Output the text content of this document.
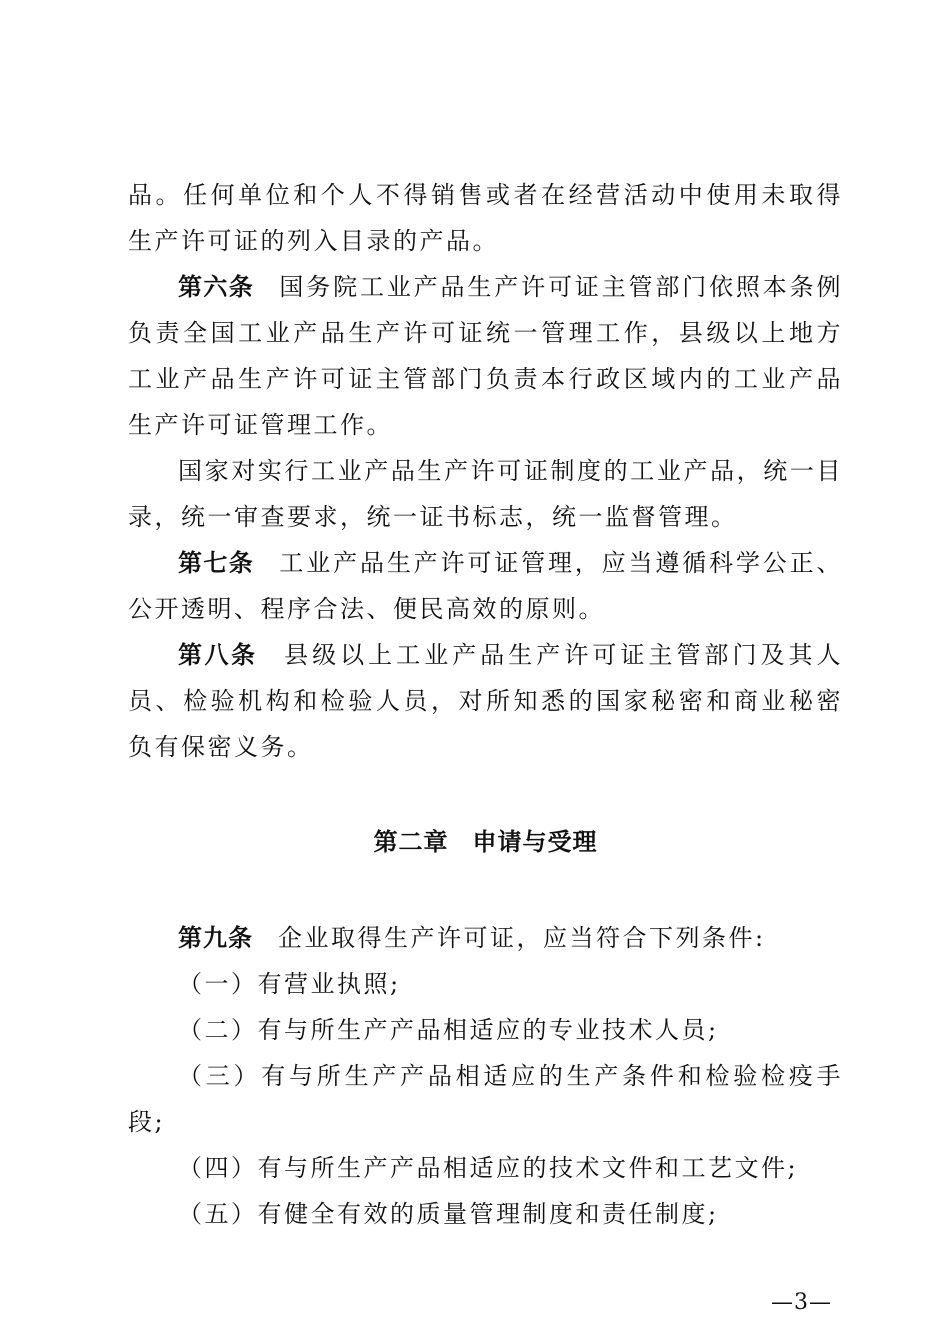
品。任何单位和个人不得销售或者在经营活动中使用未取得生产许可证的列入目录的产品。

第六条 国务院工业产品生产许可证主管部门依照本条例负责全国工业产品生产许可证统一管理工作，县级以上地方工业产品生产许可证主管部门负责本行政区域内的工业产品生产许可证管理工作。

国家对实行工业产品生产许可证制度的工业产品，统一目录，统一审查要求，统一证书标志，统一监督管理。

第七条 工业产品生产许可证管理，应当遵循科学公正、公开透明、程序合法、便民高效的原则。

第八条 县级以上工业产品生产许可证主管部门及其人员、检验机构和检验人员，对所知悉的国家秘密和商业秘密负有保密义务。

第二章 申请与受理

第九条 企业取得生产许可证，应当符合下列条件:

（一）有营业执照;

（二）有与所生产产品相适应的专业技术人员;

（三）有与所生产产品相适应的生产条件和检验检疫手段;

（四）有与所生产产品相适应的技术文件和工艺文件;

（五）有健全有效的质量管理制度和责任制度;

—3—
